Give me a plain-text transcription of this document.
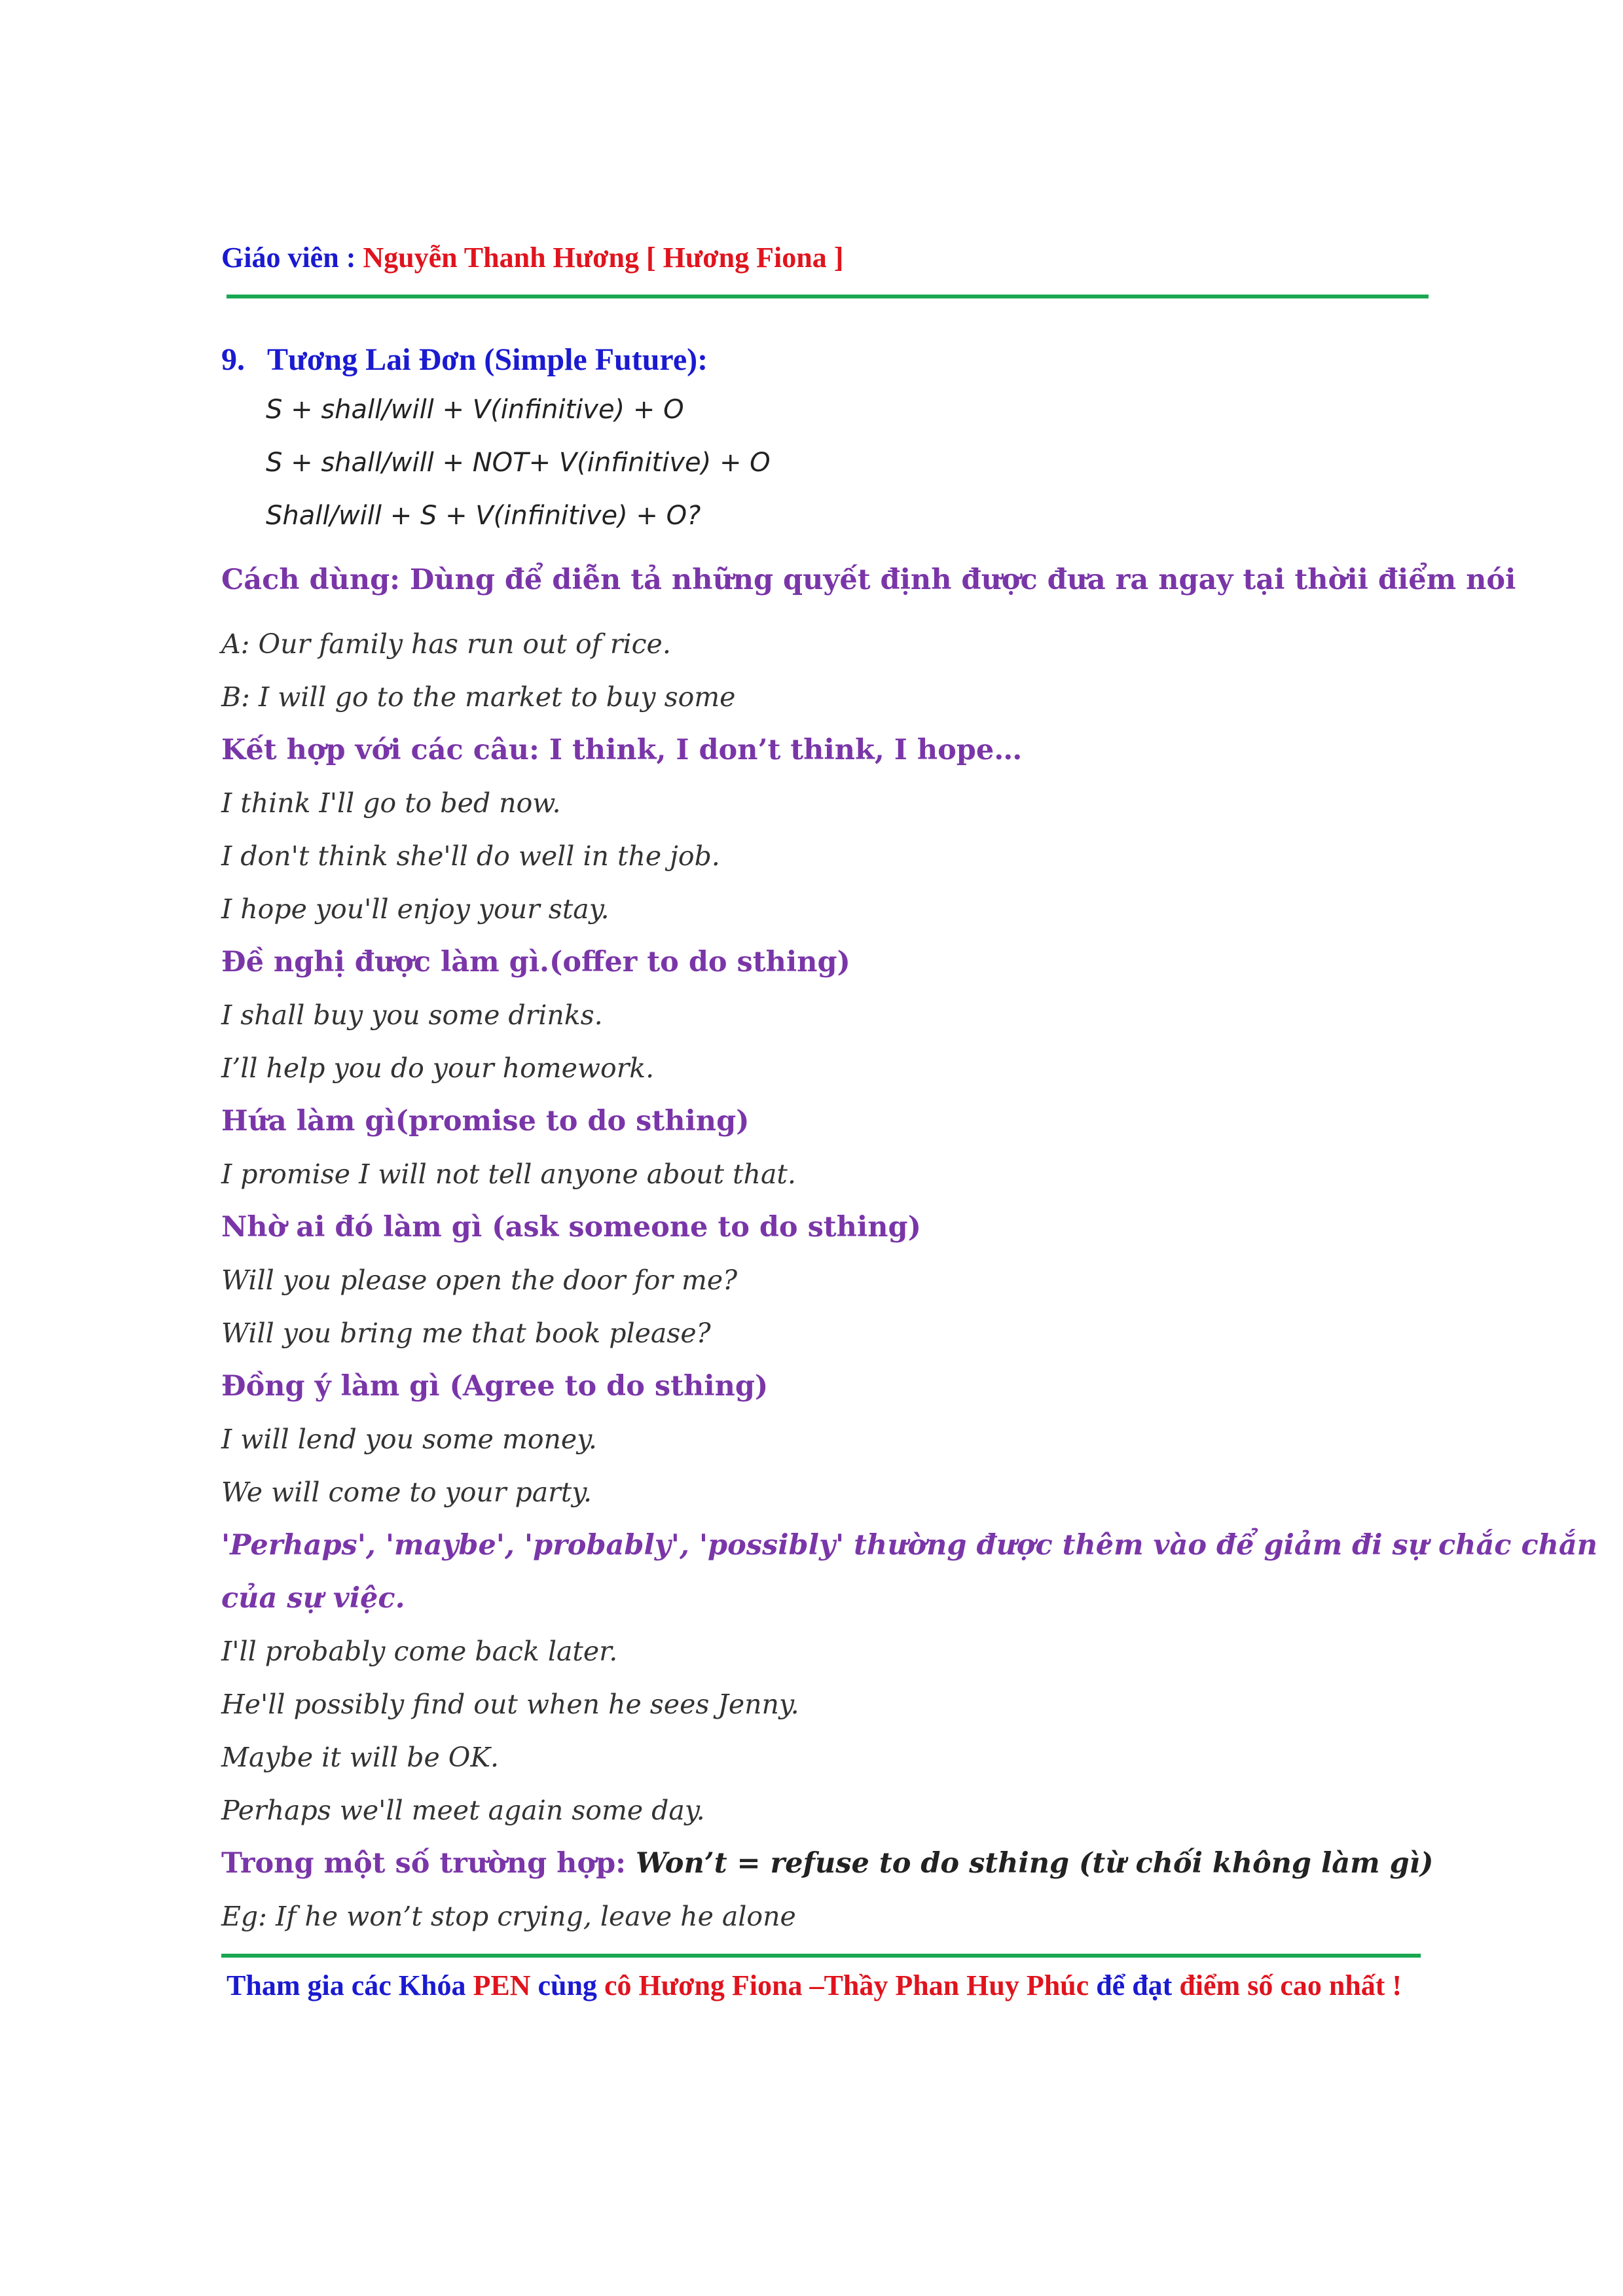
Giáo viên : Nguyễn Thanh Hương [ Hương Fiona ]
9. Tương Lai Đơn (Simple Future):
S + shall/will + V(infinitive) + O
S + shall/will + NOT+ V(infinitive) + O
Shall/will + S + V(infinitive) + O?
Cách dùng: Dùng để diễn tả những quyết định được đưa ra ngay tại thời​i điểm nói
A: Our family has run out of rice.
B: I will go to the market to buy some
Kết hợp với các câu: I think, I don’t think, I hope…
I think I'll go to bed now.
I don't think she'll do well in the job.
I hope you'll enjoy your stay.
Đề nghị được làm gì.(offer to do sthing)
I shall buy you some drinks.
I’ll help you do your homework.
Hứa làm gì(promise to do sthing)
I promise I will not tell anyone about that.
Nhờ ai đó làm gì (ask someone to do sthing)
Will you please open the door for me?
Will you bring me that book please?
Đồng ý làm gì (Agree to do sthing)
I will lend you some money.
We will come to your party.
'Perhaps', 'maybe', 'probably', 'possibly' thường được thêm vào để giảm đi sự chắc chắn
của sự việc.
I'll probably come back later.
He'll possibly find out when he sees Jenny.
Maybe it will be OK.
Perhaps we'll meet again some day.
Trong một số trường hợp: Won’t = refuse to do sthing (từ chối không làm gì)
Eg: If he won’t stop crying, leave he alone
Tham gia các Khóa PEN cùng cô Hương Fiona –Thầy Phan Huy Phúc để đạt điểm số cao nhất !
